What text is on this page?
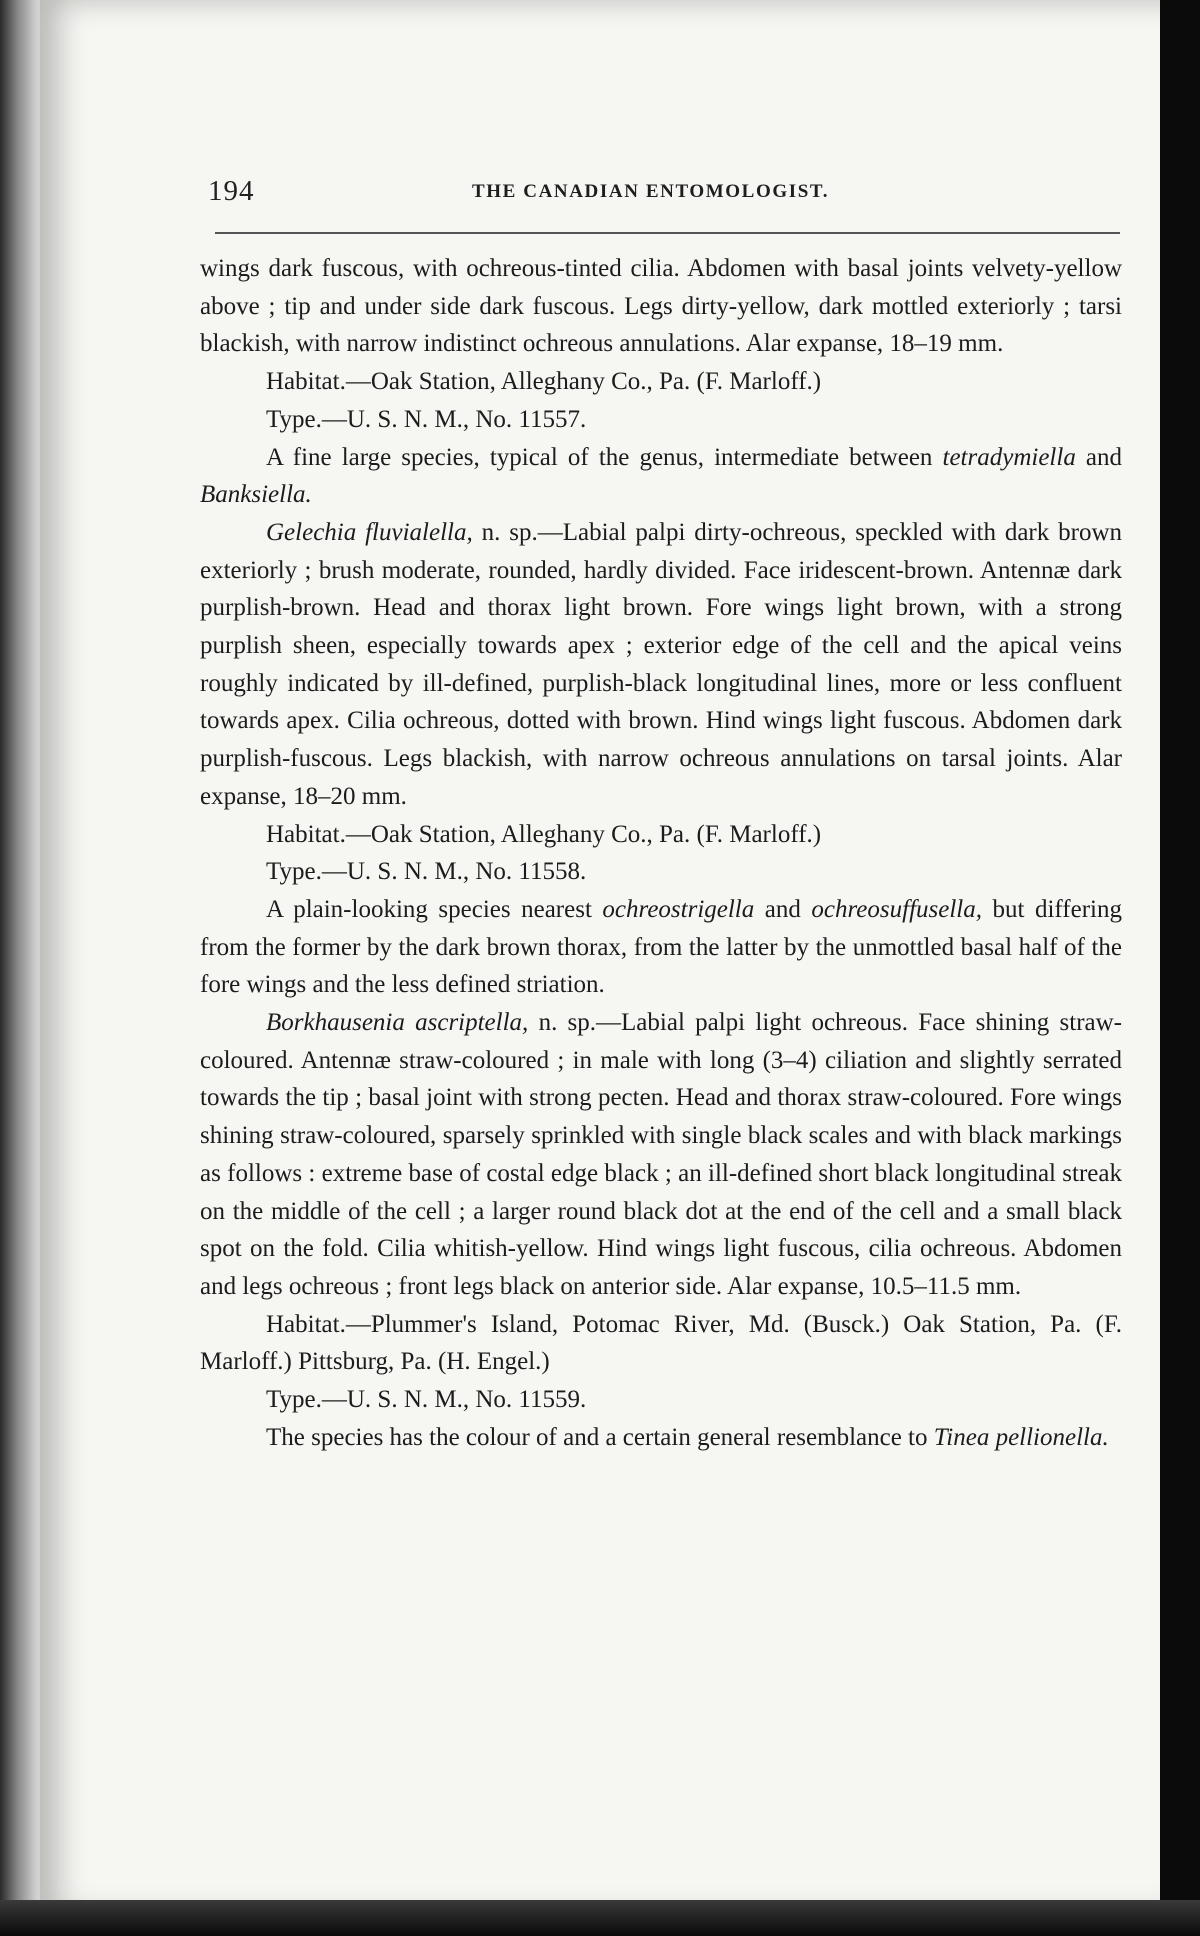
194	THE CANADIAN ENTOMOLOGIST.

wings dark fuscous, with ochreous-tinted cilia. Abdomen with basal joints velvety-yellow above ; tip and under side dark fuscous. Legs dirty-yellow, dark mottled exteriorly ; tarsi blackish, with narrow indistinct ochreous annulations. Alar expanse, 18–19 mm.

Habitat.—Oak Station, Alleghany Co., Pa. (F. Marloff.)

Type.—U. S. N. M., No. 11557.

A fine large species, typical of the genus, intermediate between tetradymiella and Banksiella.

Gelechia fluvialella, n. sp.—Labial palpi dirty-ochreous, speckled with dark brown exteriorly ; brush moderate, rounded, hardly divided. Face iridescent-brown. Antennæ dark purplish-brown. Head and thorax light brown. Fore wings light brown, with a strong purplish sheen, especially towards apex ; exterior edge of the cell and the apical veins roughly indicated by ill-defined, purplish-black longitudinal lines, more or less confluent towards apex. Cilia ochreous, dotted with brown. Hind wings light fuscous. Abdomen dark purplish-fuscous. Legs blackish, with narrow ochreous annulations on tarsal joints. Alar expanse, 18–20 mm.

Habitat.—Oak Station, Alleghany Co., Pa. (F. Marloff.)

Type.—U. S. N. M., No. 11558.

A plain-looking species nearest ochreostrigella and ochreosuffusella, but differing from the former by the dark brown thorax, from the latter by the unmottled basal half of the fore wings and the less defined striation.

Borkhausenia ascriptella, n. sp.—Labial palpi light ochreous. Face shining straw-coloured. Antennæ straw-coloured ; in male with long (3–4) ciliation and slightly serrated towards the tip ; basal joint with strong pecten. Head and thorax straw-coloured. Fore wings shining straw-coloured, sparsely sprinkled with single black scales and with black markings as follows : extreme base of costal edge black ; an ill-defined short black longitudinal streak on the middle of the cell ; a larger round black dot at the end of the cell and a small black spot on the fold. Cilia whitish-yellow. Hind wings light fuscous, cilia ochreous. Abdomen and legs ochreous ; front legs black on anterior side. Alar expanse, 10.5–11.5 mm.

Habitat.—Plummer's Island, Potomac River, Md. (Busck.) Oak Station, Pa. (F. Marloff.) Pittsburg, Pa. (H. Engel.)

Type.—U. S. N. M., No. 11559.

The species has the colour of and a certain general resemblance to Tinea pellionella.
